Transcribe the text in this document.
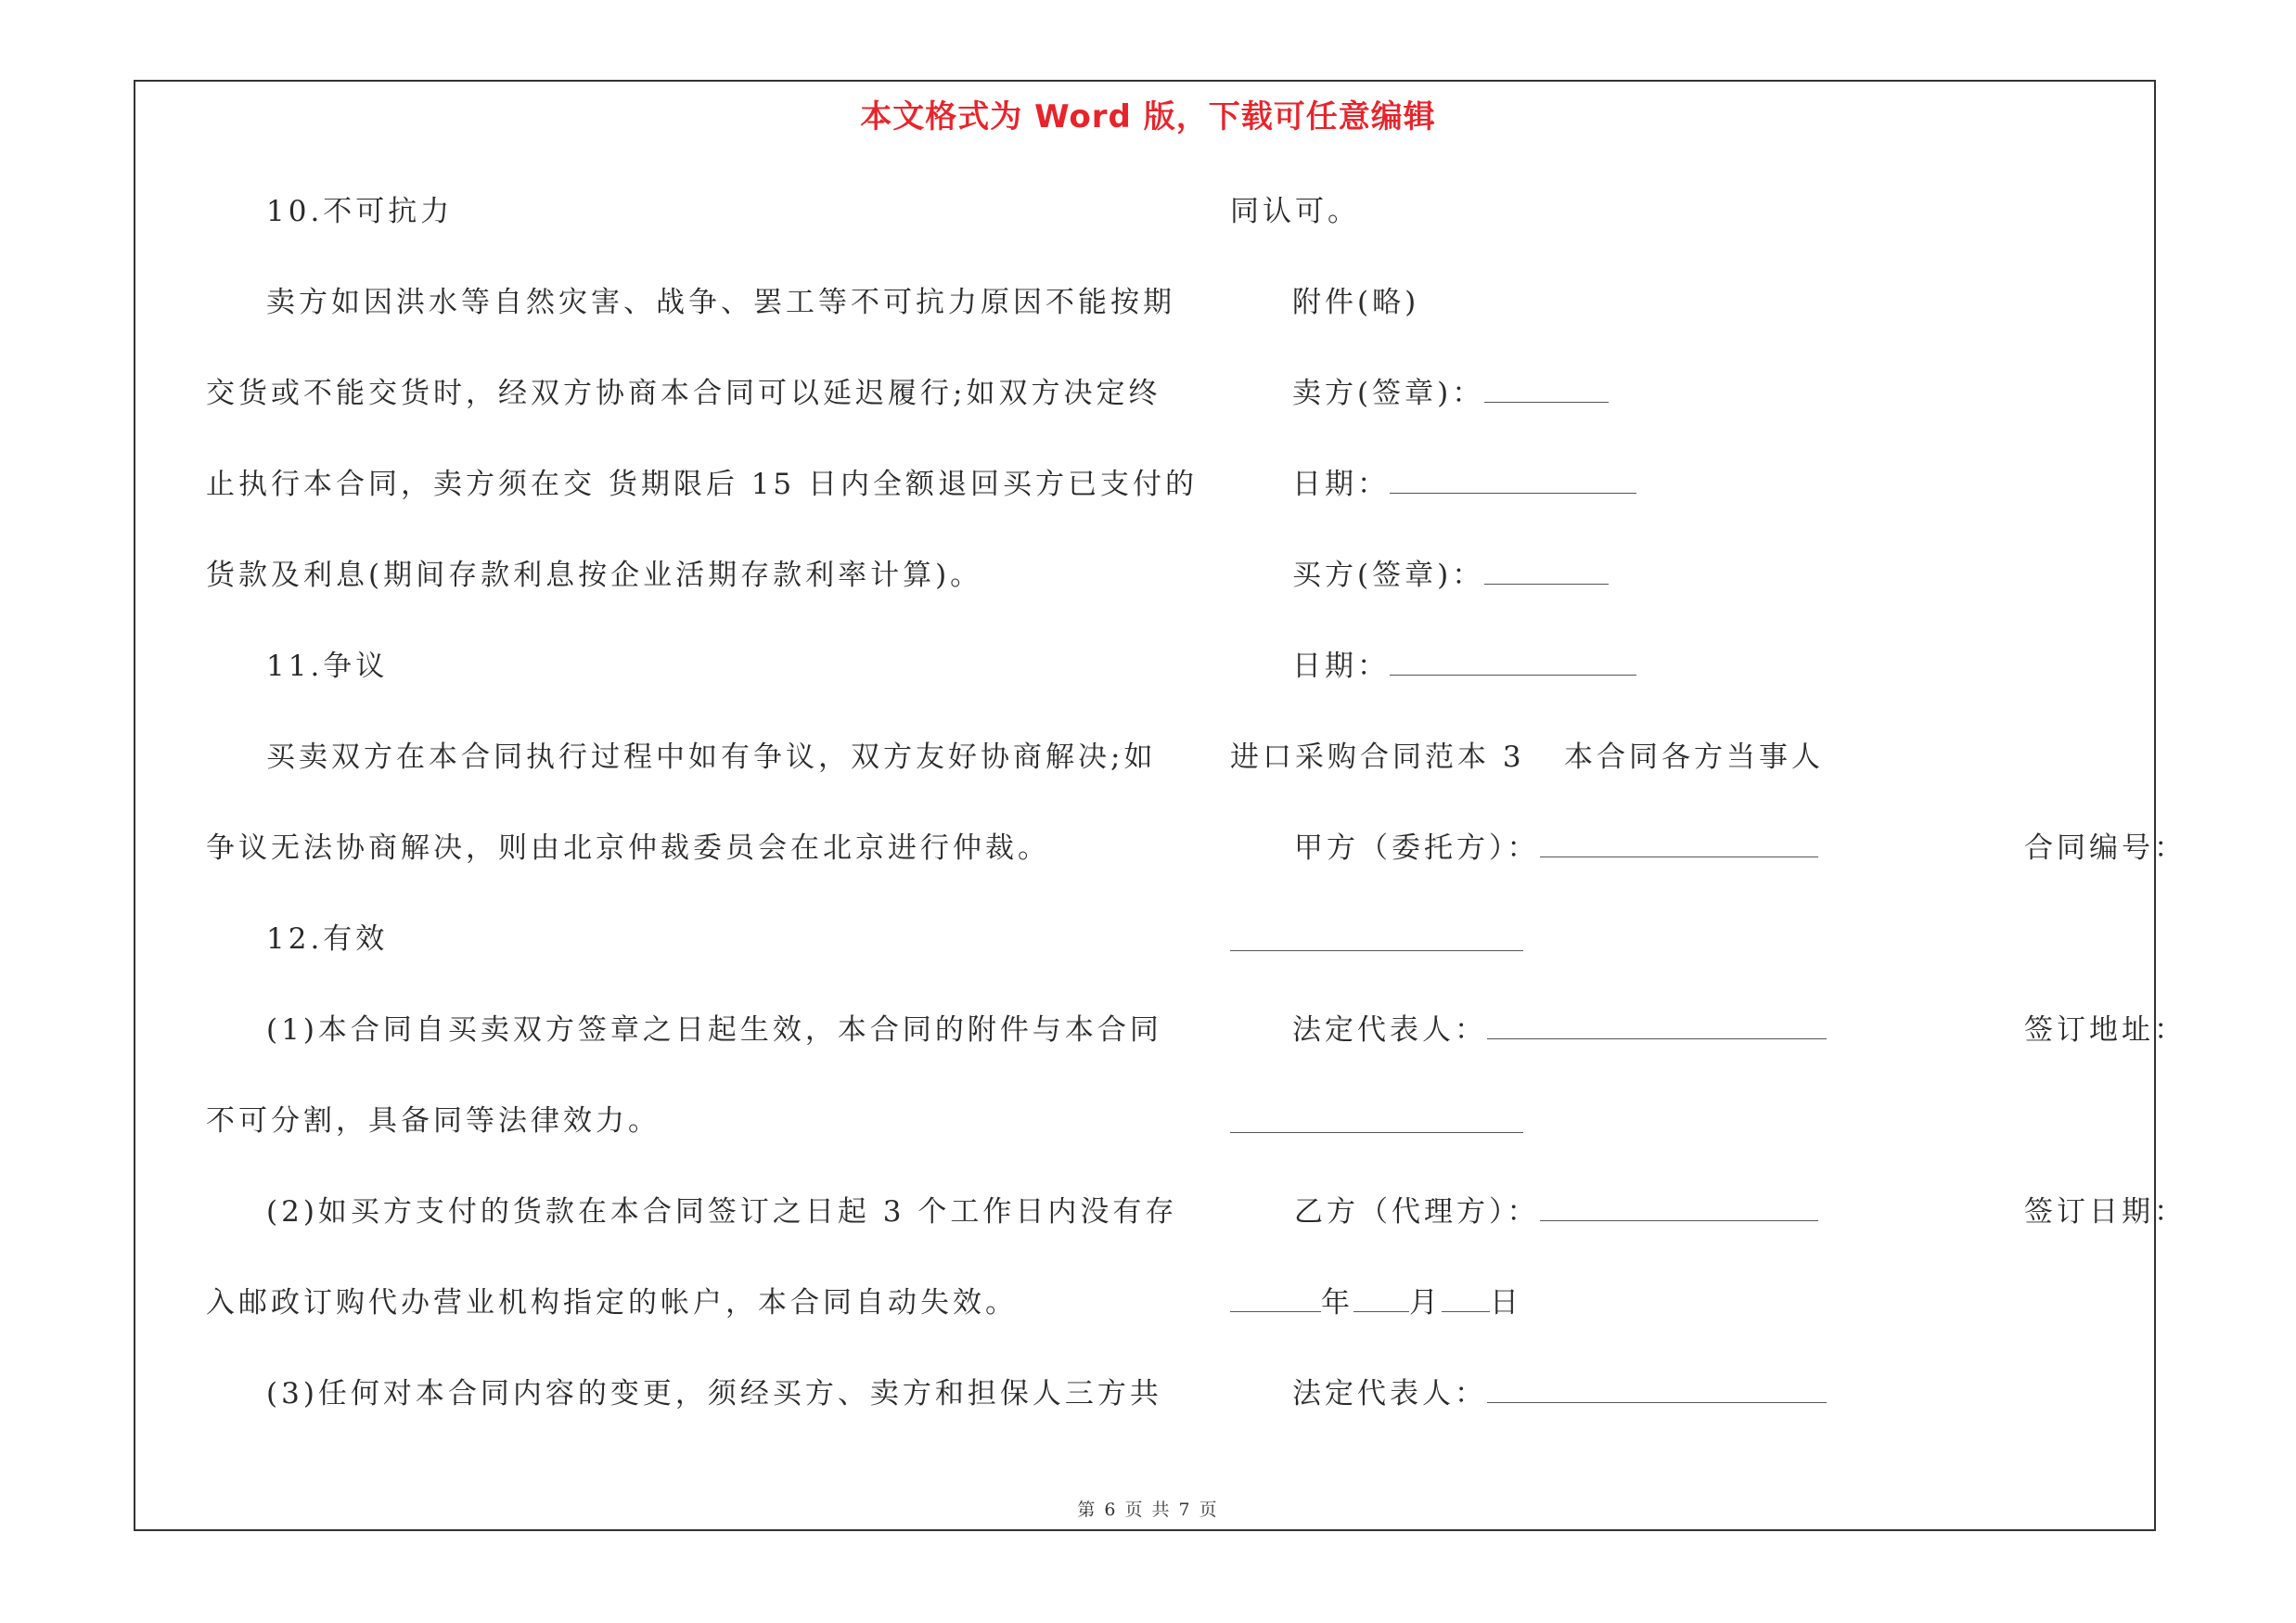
本文格式为 Word 版，下载可任意编辑
10.不可抗力
卖方如因洪水等自然灾害、战争、罢工等不可抗力原因不能按期
交货或不能交货时，经双方协商本合同可以延迟履行;如双方决定终
止执行本合同，卖方须在交 货期限后 15 日内全额退回买方已支付的
货款及利息(期间存款利息按企业活期存款利率计算)。
11.争议
买卖双方在本合同执行过程中如有争议，双方友好协商解决;如
争议无法协商解决，则由北京仲裁委员会在北京进行仲裁。
12.有效
(1)本合同自买卖双方签章之日起生效，本合同的附件与本合同
不可分割，具备同等法律效力。
(2)如买方支付的货款在本合同签订之日起 3 个工作日内没有存
入邮政订购代办营业机构指定的帐户，本合同自动失效。
(3)任何对本合同内容的变更，须经买方、卖方和担保人三方共
同认可。
附件(略)
卖方(签章)：
日期：
买方(签章)：
日期：
进口采购合同范本 3 本合同各方当事人
甲方（委托方）：	合同编号：
法定代表人：	签订地址：
乙方（代理方）：	签订日期：
年 月 日
法定代表人：
第 6 页 共 7 页
